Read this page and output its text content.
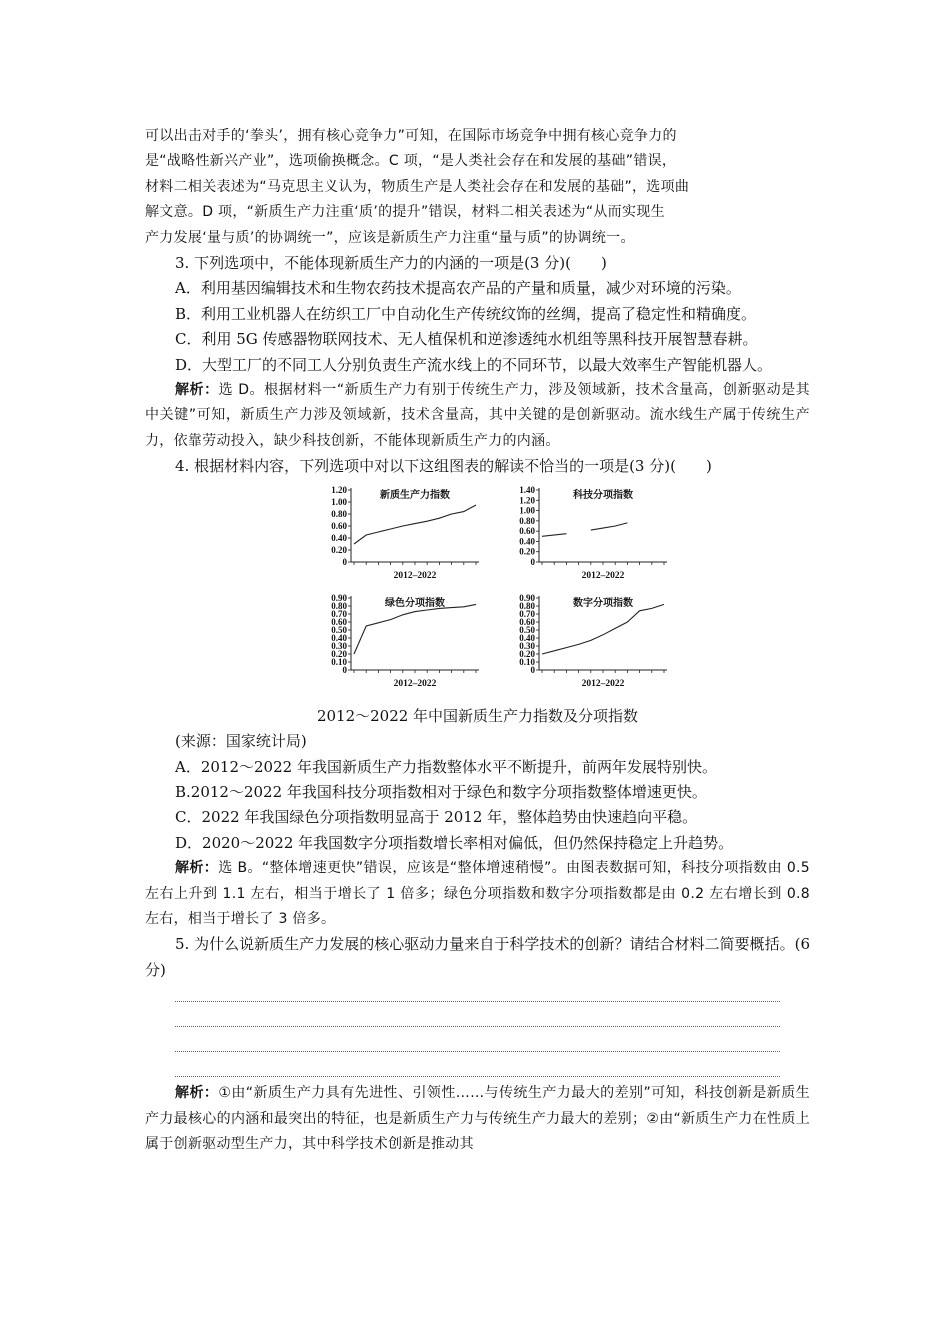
可以出击对手的‘拳头’，拥有核心竞争力”可知，在国际市场竞争中拥有核心竞争力的

是“战略性新兴产业”，选项偷换概念。C 项，“是人类社会存在和发展的基础”错误，

材料二相关表述为“马克思主义认为，物质生产是人类社会存在和发展的基础”，选项曲

解文意。D 项，“新质生产力注重‘质’的提升”错误，材料二相关表述为“从而实现生

产力发展‘量与质’的协调统一”，应该是新质生产力注重“量与质”的协调统一。

3. 下列选项中，不能体现新质生产力的内涵的一项是(3 分)(　　)

A．利用基因编辑技术和生物农药技术提高农产品的产量和质量，减少对环境的污染。

B．利用工业机器人在纺织工厂中自动化生产传统纹饰的丝绸，提高了稳定性和精确度。

C．利用 5G 传感器物联网技术、无人植保机和逆渗透纯水机组等黑科技开展智慧春耕。

D．大型工厂的不同工人分别负责生产流水线上的不同环节，以最大效率生产智能机器人。

解析：选 D。根据材料一“新质生产力有别于传统生产力，涉及领域新，技术含量高，创新驱动是其中关键”可知，新质生产力涉及领域新，技术含量高，其中关键的是创新驱动。流水线生产属于传统生产力，依靠劳动投入，缺少科技创新，不能体现新质生产力的内涵。

4. 根据材料内容，下列选项中对以下这组图表的解读不恰当的一项是(3 分)(　　)

0
0.20
0.40
0.60
0.80
1.00
1.20	新质生产力指数
2012–2022
0
0.20
0.40
0.60
0.80
1.00
1.20
1.40	科技分项指数
2012–2022
0
0.10
0.20
0.30
0.40
0.50
0.60
0.70
0.80
0.90	绿色分项指数
2012–2022
0
0.10
0.20
0.30
0.40
0.50
0.60
0.70
0.80
0.90	数字分项指数
2012–2022

2012～2022 年中国新质生产力指数及分项指数

(来源：国家统计局)

A．2012～2022 年我国新质生产力指数整体水平不断提升，前两年发展特别快。

B.2012～2022 年我国科技分项指数相对于绿色和数字分项指数整体增速更快。

C．2022 年我国绿色分项指数明显高于 2012 年，整体趋势由快速趋向平稳。

D．2020～2022 年我国数字分项指数增长率相对偏低，但仍然保持稳定上升趋势。

解析：选 B。“整体增速更快”错误，应该是“整体增速稍慢”。由图表数据可知，科技分项指数由 0.5 左右上升到 1.1 左右，相当于增长了 1 倍多；绿色分项指数和数字分项指数都是由 0.2 左右增长到 0.8 左右，相当于增长了 3 倍多。

5. 为什么说新质生产力发展的核心驱动力量来自于科学技术的创新？请结合材料二简要概括。(6 分)

解析：①由“新质生产力具有先进性、引领性……与传统生产力最大的差别”可知，科技创新是新质生产力最核心的内涵和最突出的特征，也是新质生产力与传统生产力最大的差别；②由“新质生产力在性质上属于创新驱动型生产力，其中科学技术创新是推动其
